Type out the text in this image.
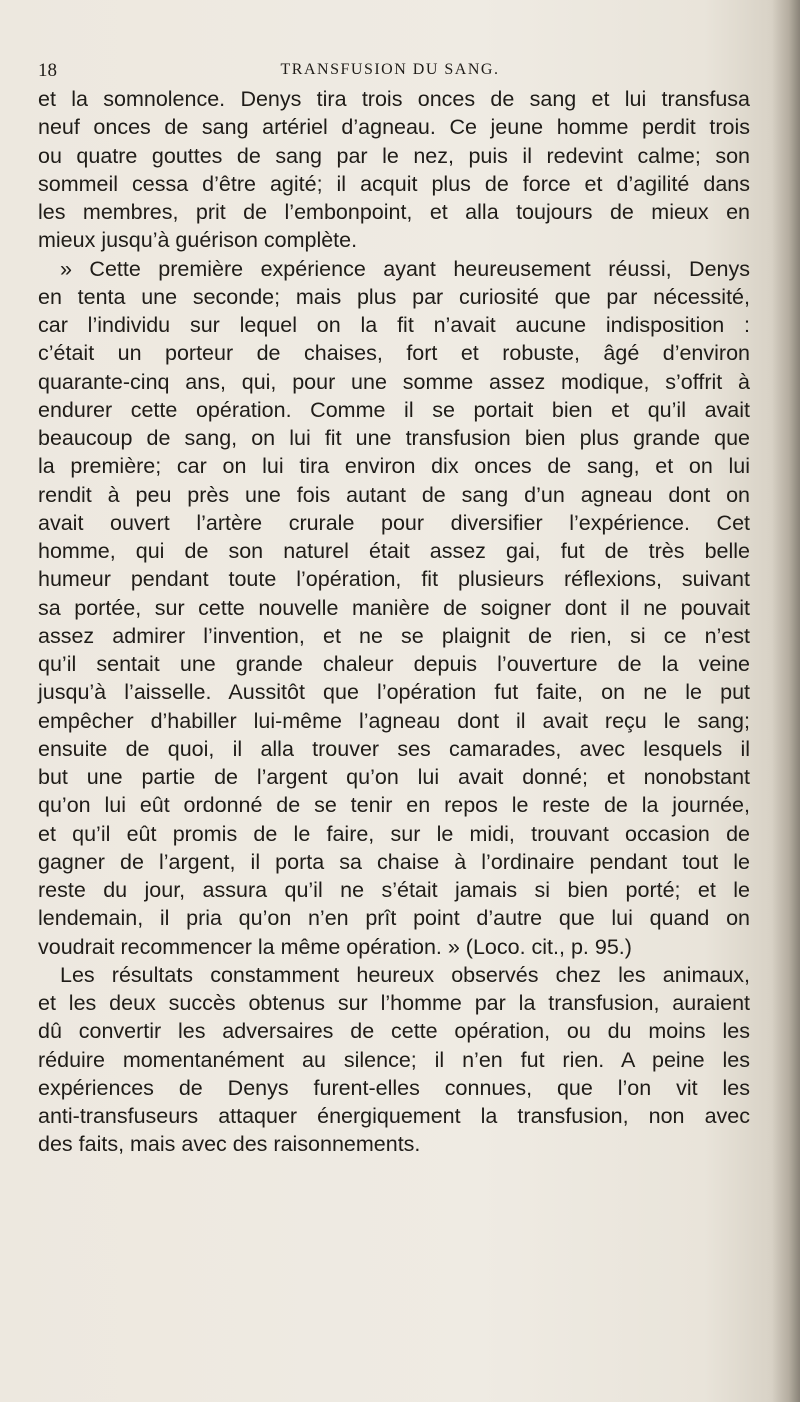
18	TRANSFUSION DU SANG.
et la somnolence. Denys tira trois onces de sang et lui transfusa
neuf onces de sang artériel d’agneau. Ce jeune homme perdit trois
ou quatre gouttes de sang par le nez, puis il redevint calme; son
sommeil cessa d’être agité; il acquit plus de force et d’agilité dans
les membres, prit de l’embonpoint, et alla toujours de mieux en
mieux jusqu’à guérison complète.
» Cette première expérience ayant heureusement réussi, Denys
en tenta une seconde; mais plus par curiosité que par nécessité,
car l’individu sur lequel on la fit n’avait aucune indisposition :
c’était un porteur de chaises, fort et robuste, âgé d’environ
quarante-cinq ans, qui, pour une somme assez modique, s’offrit à
endurer cette opération. Comme il se portait bien et qu’il avait
beaucoup de sang, on lui fit une transfusion bien plus grande que
la première; car on lui tira environ dix onces de sang, et on lui
rendit à peu près une fois autant de sang d’un agneau dont on
avait ouvert l’artère crurale pour diversifier l’expérience. Cet
homme, qui de son naturel était assez gai, fut de très belle
humeur pendant toute l’opération, fit plusieurs réflexions, suivant
sa portée, sur cette nouvelle manière de soigner dont il ne pouvait
assez admirer l’invention, et ne se plaignit de rien, si ce n’est
qu’il sentait une grande chaleur depuis l’ouverture de la veine
jusqu’à l’aisselle. Aussitôt que l’opération fut faite, on ne le put
empêcher d’habiller lui-même l’agneau dont il avait reçu le sang;
ensuite de quoi, il alla trouver ses camarades, avec lesquels il
but une partie de l’argent qu’on lui avait donné; et nonobstant
qu’on lui eût ordonné de se tenir en repos le reste de la journée,
et qu’il eût promis de le faire, sur le midi, trouvant occasion de
gagner de l’argent, il porta sa chaise à l’ordinaire pendant tout le
reste du jour, assura qu’il ne s’était jamais si bien porté; et le
lendemain, il pria qu’on n’en prît point d’autre que lui quand on
voudrait recommencer la même opération. » (Loco. cit., p. 95.)
Les résultats constamment heureux observés chez les animaux,
et les deux succès obtenus sur l’homme par la transfusion, auraient
dû convertir les adversaires de cette opération, ou du moins les
réduire momentanément au silence; il n’en fut rien. A peine les
expériences de Denys furent-elles connues, que l’on vit les
anti-transfuseurs attaquer énergiquement la transfusion, non avec
des faits, mais avec des raisonnements.
